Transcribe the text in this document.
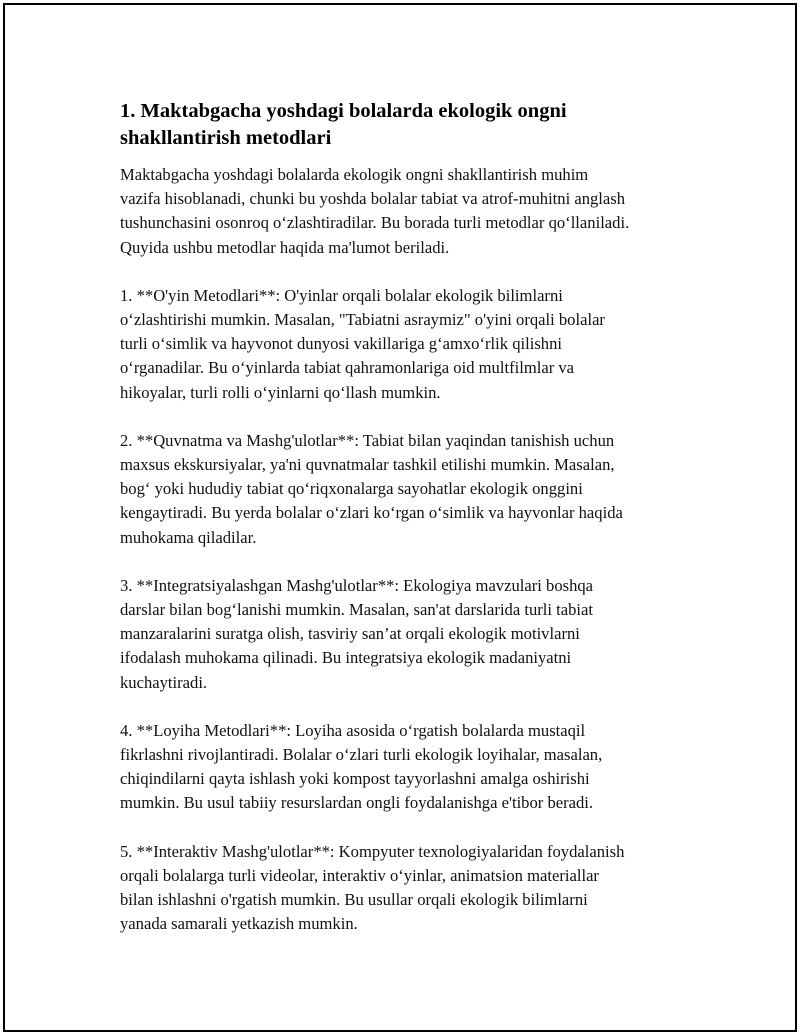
1. Maktabgacha yoshdagi bolalarda ekologik ongni
shakllantirish metodlari

Maktabgacha yoshdagi bolalarda ekologik ongni shakllantirish muhim
vazifa hisoblanadi, chunki bu yoshda bolalar tabiat va atrof-muhitni anglash
tushunchasini osonroq o‘zlashtiradilar. Bu borada turli metodlar qo‘llaniladi.
Quyida ushbu metodlar haqida ma'lumot beriladi.

1. **O'yin Metodlari**: O'yinlar orqali bolalar ekologik bilimlarni
o‘zlashtirishi mumkin. Masalan, "Tabiatni asraymiz" o'yini orqali bolalar
turli o‘simlik va hayvonot dunyosi vakillariga g‘amxo‘rlik qilishni
o‘rganadilar. Bu o‘yinlarda tabiat qahramonlariga oid multfilmlar va
hikoyalar, turli rolli o‘yinlarni qo‘llash mumkin.

2. **Quvnatma va Mashg'ulotlar**: Tabiat bilan yaqindan tanishish uchun
maxsus ekskursiyalar, ya'ni quvnatmalar tashkil etilishi mumkin. Masalan,
bog‘ yoki hududiy tabiat qo‘riqxonalarga sayohatlar ekologik onggini
kengaytiradi. Bu yerda bolalar o‘zlari ko‘rgan o‘simlik va hayvonlar haqida
muhokama qiladilar.

3. **Integratsiyalashgan Mashg'ulotlar**: Ekologiya mavzulari boshqa
darslar bilan bog‘lanishi mumkin. Masalan, san'at darslarida turli tabiat
manzaralarini suratga olish, tasviriy san’at orqali ekologik motivlarni
ifodalash muhokama qilinadi. Bu integratsiya ekologik madaniyatni
kuchaytiradi.

4. **Loyiha Metodlari**: Loyiha asosida o‘rgatish bolalarda mustaqil
fikrlashni rivojlantiradi. Bolalar o‘zlari turli ekologik loyihalar, masalan,
chiqindilarni qayta ishlash yoki kompost tayyorlashni amalga oshirishi
mumkin. Bu usul tabiiy resurslardan ongli foydalanishga e'tibor beradi.

5. **Interaktiv Mashg'ulotlar**: Kompyuter texnologiyalaridan foydalanish
orqali bolalarga turli videolar, interaktiv o‘yinlar, animatsion materiallar
bilan ishlashni o'rgatish mumkin. Bu usullar orqali ekologik bilimlarni
yanada samarali yetkazish mumkin.
